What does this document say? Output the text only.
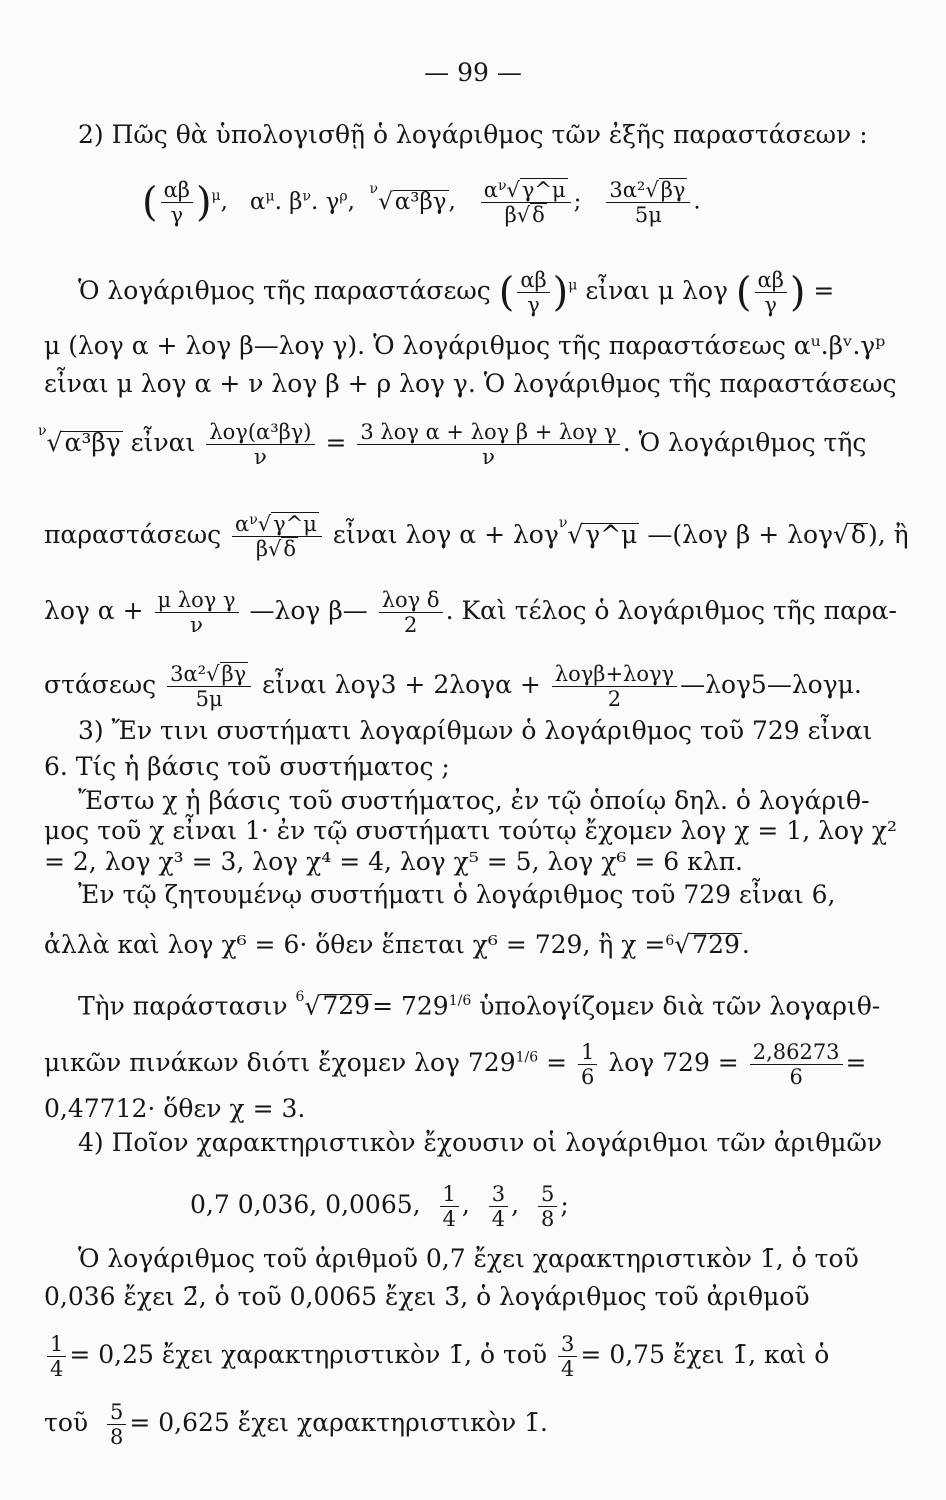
— 99 —
2) Πῶς θὰ ὑπολογισθῇ ὁ λογάριθμος τῶν ἐξῆς παραστάσεων :
( $\frac{\alpha\beta}{\gamma} )^\mu$,   $\alpha^\mu$. $\beta^\nu$. $\gamma^\rho$,  $^\nu$√α³βγ, $\frac{\alpha^\nu√\gamma\^{}\mu}{\beta√\delta}$ ; $\frac{\text{3α²√βγ}}{5\mu}$ .
Ὁ λογάριθμος τῆς παραστάσεως ( $\frac{\alpha\beta}{\gamma} )^\mu$ εἶναι μ λογ ( $\frac{\alpha\beta}{\gamma}$ ) =
μ (λογ α + λογ β—λογ γ). Ὁ λογάριθμος τῆς παραστάσεως αᵘ.βᵛ.γᵖ
εἶναι μ λογ α + ν λογ β + ρ λογ γ. Ὁ λογάριθμος τῆς παραστάσεως
$^\nu$√α³βγ εἶναι $\frac{\text{λογ(α³βγ)}}{\nu} = \frac{\text{3 λογ α + λογ β + λογ γ}}{\nu}$ . Ὁ λογάριθμος τῆς
παραστάσεως $\frac{\alpha^\nu√\gamma\^{}\mu}{\beta√\delta}$ εἶναι λογ α + λογ$^\nu$√γ^μ —(λογ β + λογ√δ), ἢ
λογ $\alpha + \frac{\text{μ λογ γ}}{\nu}$ —λογ β— $\frac{\text{λογ δ}}{2}$ . Καὶ τέλος ὁ λογάριθμος τῆς παρα-
στάσεως $\frac{\text{3α²√βγ}}{5\mu}$ εἶναι $\lambda o\gamma 3 + 2\lambda o\gamma\alpha + \frac{\text{λογβ+λογγ}}{2}$ —λογ5—λογμ.
3) Ἔν τινι συστήματι λογαρίθμων ὁ λογάριθμος τοῦ 729 εἶναι
6. Τίς ἡ βάσις τοῦ συστήματος ;
Ἔστω χ ἡ βάσις τοῦ συστήματος, ἐν τῷ ὁποίῳ δηλ. ὁ λογάριθ-
μος τοῦ χ εἶναι 1· ἐν τῷ συστήματι τούτῳ ἔχομεν λογ χ = 1, λογ χ²
= 2, λογ χ³ = 3, λογ χ⁴ = 4, λογ χ⁵ = 5, λογ χ⁶ = 6 κλπ.
Ἐν τῷ ζητουμένῳ συστήματι ὁ λογάριθμος τοῦ 729 εἶναι 6,
ἀλλὰ καὶ λογ χ⁶ = 6· ὅθεν ἕπεται χ⁶ = 729, ἢ χ =$^6$√729.
Τὴν παράστασιν $^6√729= 729^{1/6}$ ὑπολογίζομεν διὰ τῶν λογαριθ-
μικῶν πινάκων διότι ἔχομεν λογ $729^{1/6} = \frac{1}{6}$ λογ $729 = \frac{2,86273}{6}$ =
0,47712· ὅθεν χ = 3.
4) Ποῖον χαρακτηριστικὸν ἔχουσιν οἱ λογάριθμοι τῶν ἀριθμῶν
0,7 0,036, 0,0065, $\frac{1}{4}$ , $\frac{3}{4}$ , $\frac{5}{8}$ ;
Ὁ λογάριθμος τοῦ ἀριθμοῦ 0,7 ἔχει χαρακτηριστικὸν 1̄, ὁ τοῦ
0,036 ἔχει 2̄, ὁ τοῦ 0,0065 ἔχει 3̄, ὁ λογάριθμος τοῦ ἀριθμοῦ
$\frac{1}{4} = 0,25$ ἔχει χαρακτηριστικὸν 1̄, ὁ τοῦ $\frac{3}{4} = 0,75$ ἔχει 1̄, καὶ ὁ
τοῦ $\frac{5}{8} = 0,625$ ἔχει χαρακτηριστικὸν 1̄.
